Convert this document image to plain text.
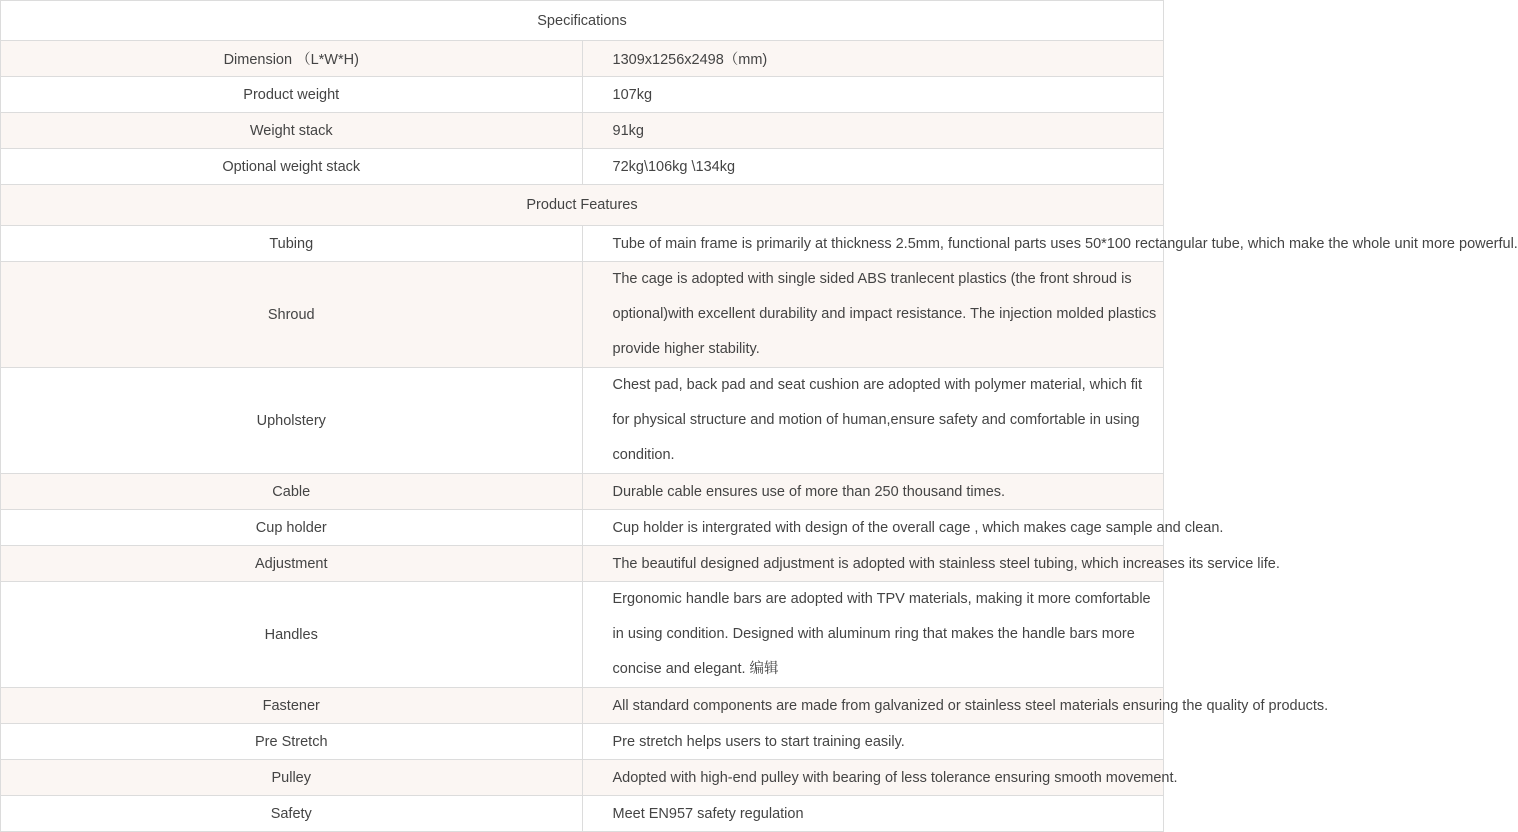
Specifications	
Dimension （L*W*H)	1309x1256x2498（mm)
Product weight	107kg
Weight stack	91kg
Optional weight stack	72kg\106kg \134kg
Product Features	
Tubing	Tube of main frame is primarily at thickness 2.5mm, functional parts uses 50*100 rectangular tube, which make the whole unit more powerful.
Shroud	The cage is adopted with single sided ABS tranlecent plastics (the front shroud is optional)with excellent durability and impact resistance. The injection molded plastics provide higher stability.
Upholstery	Chest pad, back pad and seat cushion are adopted with polymer material, which fit for physical structure and motion of human,ensure safety and comfortable in using condition.
Cable	Durable cable ensures use of more than 250 thousand times.
Cup holder	Cup holder is intergrated with design of the overall cage , which makes cage sample and clean.
Adjustment	The beautiful designed adjustment is adopted with stainless steel tubing, which increases its service life.
Handles	Ergonomic handle bars are adopted with TPV materials, making it more comfortable in using condition. Designed with aluminum ring that makes the handle bars more concise and elegant. 编辑
Fastener	All standard components are made from galvanized or stainless steel materials ensuring the quality of products.
Pre Stretch	Pre stretch helps users to start training easily.
Pulley	Adopted with high-end pulley with bearing of less tolerance ensuring smooth movement.
Safety	Meet EN957 safety regulation
